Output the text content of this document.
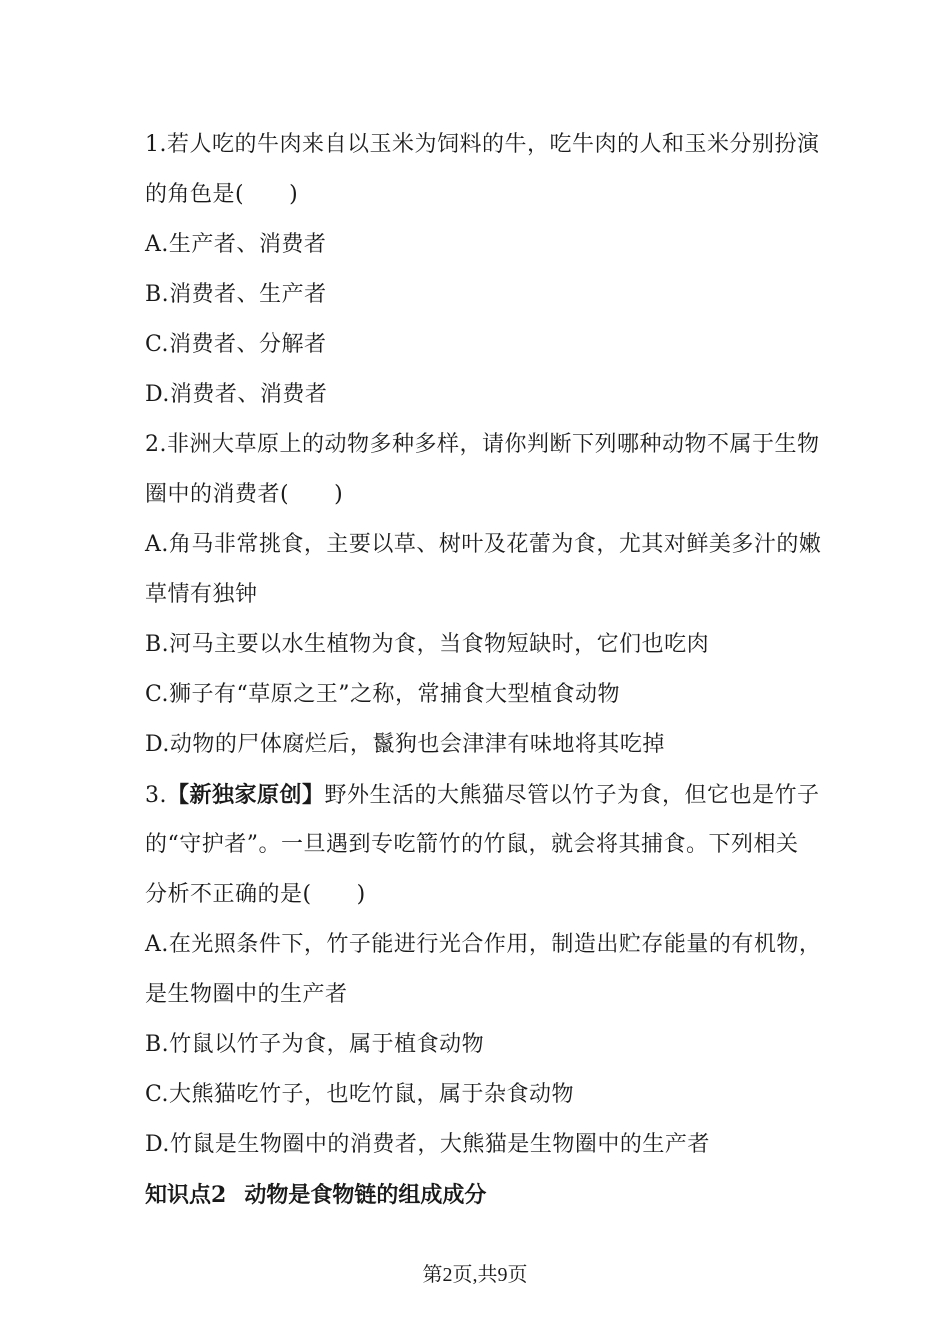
1.若人吃的牛肉来自以玉米为饲料的牛，吃牛肉的人和玉米分别扮演
的角色是(　　)
A.生产者、消费者
B.消费者、生产者
C.消费者、分解者
D.消费者、消费者
2.非洲大草原上的动物多种多样，请你判断下列哪种动物不属于生物
圈中的消费者(　　)
A.角马非常挑食，主要以草、树叶及花蕾为食，尤其对鲜美多汁的嫩
草情有独钟
B.河马主要以水生植物为食，当食物短缺时，它们也吃肉
C.狮子有“草原之王”之称，常捕食大型植食动物
D.动物的尸体腐烂后，鬣狗也会津津有味地将其吃掉
3.【新独家原创】野外生活的大熊猫尽管以竹子为食，但它也是竹子
的“守护者”。一旦遇到专吃箭竹的竹鼠，就会将其捕食。下列相关
分析不正确的是(　　)
A.在光照条件下，竹子能进行光合作用，制造出贮存能量的有机物，
是生物圈中的生产者
B.竹鼠以竹子为食，属于植食动物
C.大熊猫吃竹子，也吃竹鼠，属于杂食动物
D.竹鼠是生物圈中的消费者，大熊猫是生物圈中的生产者
知识点2 动物是食物链的组成成分
第2页,共9页
